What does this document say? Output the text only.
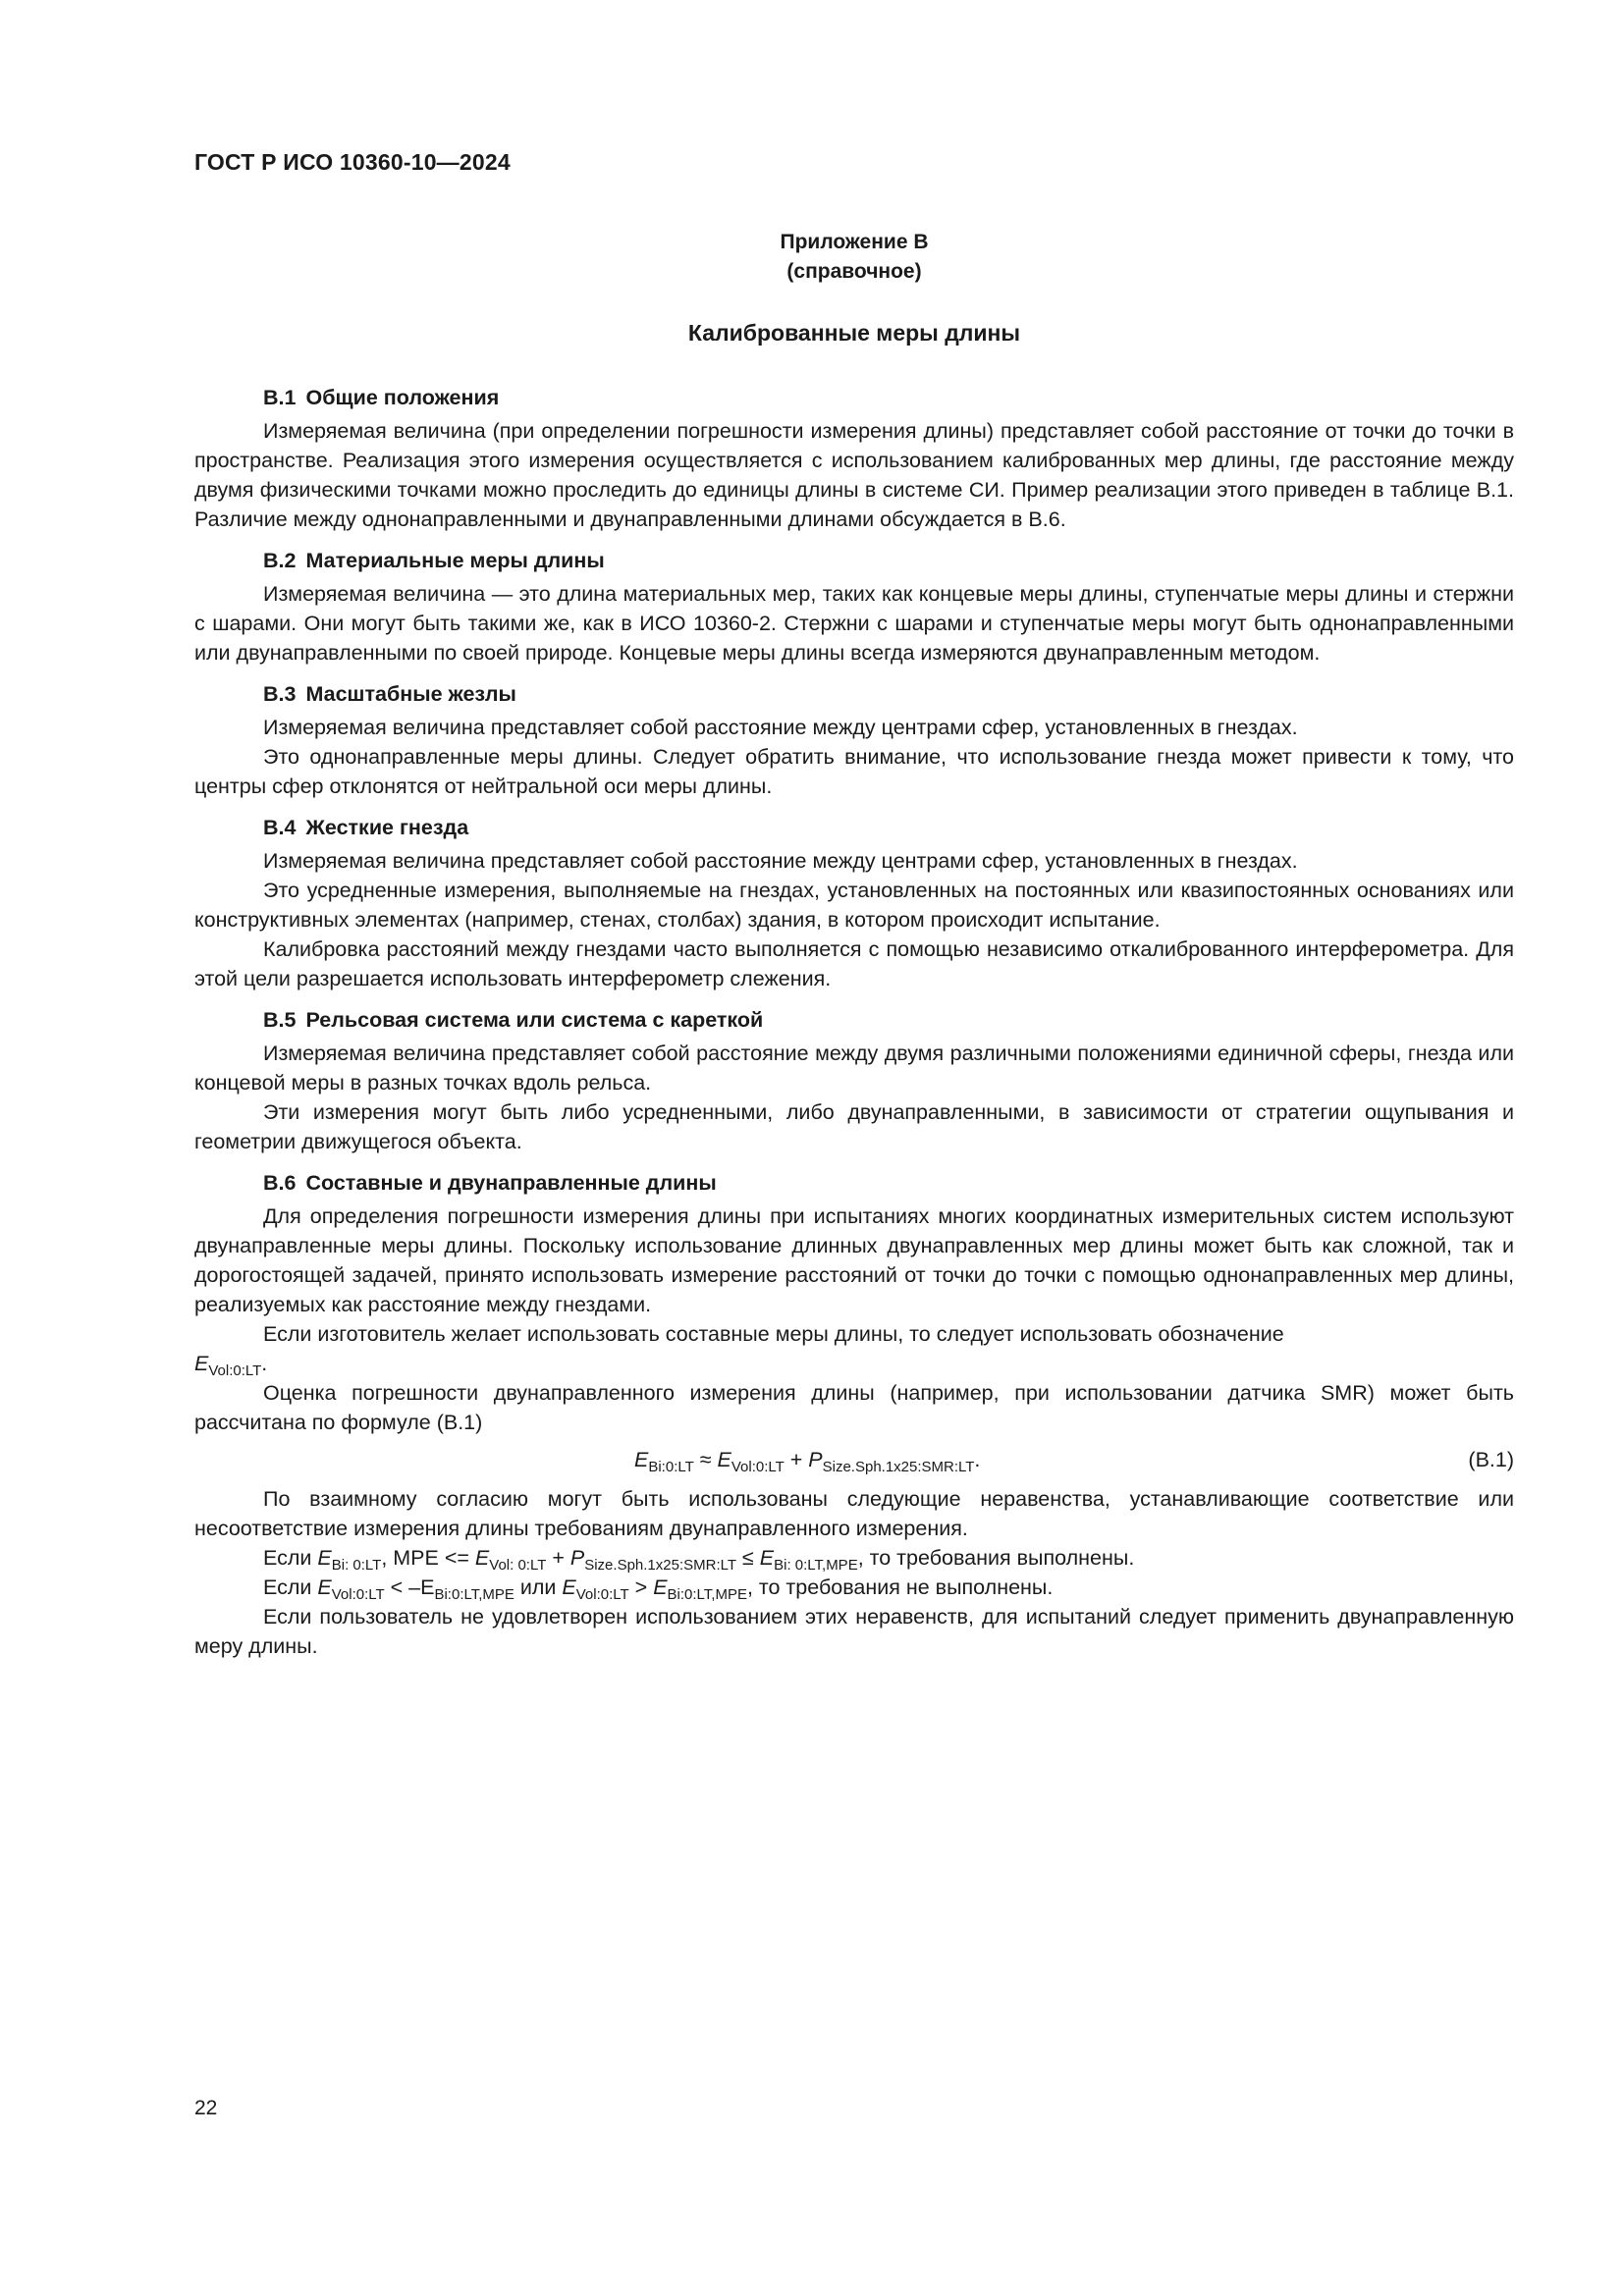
ГОСТ Р ИСО 10360-10—2024
Приложение В
(справочное)
Калиброванные меры длины
В.1 Общие положения

Измеряемая величина (при определении погрешности измерения длины) представляет собой расстояние от точки до точки в пространстве. Реализация этого измерения осуществляется с использованием калиброванных мер длины, где расстояние между двумя физическими точками можно проследить до единицы длины в системе СИ. Пример реализации этого приведен в таблице В.1. Различие между однонаправленными и двунаправленными длинами обсуждается в В.6.

В.2 Материальные меры длины

Измеряемая величина — это длина материальных мер, таких как концевые меры длины, ступенчатые меры длины и стержни с шарами. Они могут быть такими же, как в ИСО 10360-2. Стержни с шарами и ступенчатые меры могут быть однонаправленными или двунаправленными по своей природе. Концевые меры длины всегда измеряются двунаправленным методом.

В.3 Масштабные жезлы

Измеряемая величина представляет собой расстояние между центрами сфер, установленных в гнездах.

Это однонаправленные меры длины. Следует обратить внимание, что использование гнезда может привести к тому, что центры сфер отклонятся от нейтральной оси меры длины.

В.4 Жесткие гнезда

Измеряемая величина представляет собой расстояние между центрами сфер, установленных в гнездах.

Это усредненные измерения, выполняемые на гнездах, установленных на постоянных или квазипостоянных основаниях или конструктивных элементах (например, стенах, столбах) здания, в котором происходит испытание.

Калибровка расстояний между гнездами часто выполняется с помощью независимо откалиброванного интерферометра. Для этой цели разрешается использовать интерферометр слежения.

В.5 Рельсовая система или система с кареткой

Измеряемая величина представляет собой расстояние между двумя различными положениями единичной сферы, гнезда или концевой меры в разных точках вдоль рельса.

Эти измерения могут быть либо усредненными, либо двунаправленными, в зависимости от стратегии ощупывания и геометрии движущегося объекта.

В.6 Составные и двунаправленные длины

Для определения погрешности измерения длины при испытаниях многих координатных измерительных систем используют двунаправленные меры длины. Поскольку использование длинных двунаправленных мер длины может быть как сложной, так и дорогостоящей задачей, принято использовать измерение расстояний от точки до точки с помощью однонаправленных мер длины, реализуемых как расстояние между гнездами.

Если изготовитель желает использовать составные меры длины, то следует использовать обозначение

$E_{Vol:0:LT}$.

Оценка погрешности двунаправленного измерения длины (например, при использовании датчика SMR) может быть рассчитана по формуле (В.1)

$E_{Bi:0:LT} \approx E_{Vol:0:LT} + P_{Size.Sph.1x25:SMR:LT}$.	(В.1)

По взаимному согласию могут быть использованы следующие неравенства, устанавливающие соответствие или несоответствие измерения длины требованиям двунаправленного измерения.

Если $E_{Bi: 0:LT}$, MPE <= $E_{Vol: 0:LT} + P_{Size.Sph.1x25:SMR:LT} \le E_{Bi: 0:LT,MPE}$, то требования выполнены.

Если $E_{Vol:0:LT} < -E_{Bi:0:LT,MPE}$ или $E_{Vol:0:LT} > E_{Bi:0:LT,MPE}$, то требования не выполнены.

Если пользователь не удовлетворен использованием этих неравенств, для испытаний следует применить двунаправленную меру длины.

22
